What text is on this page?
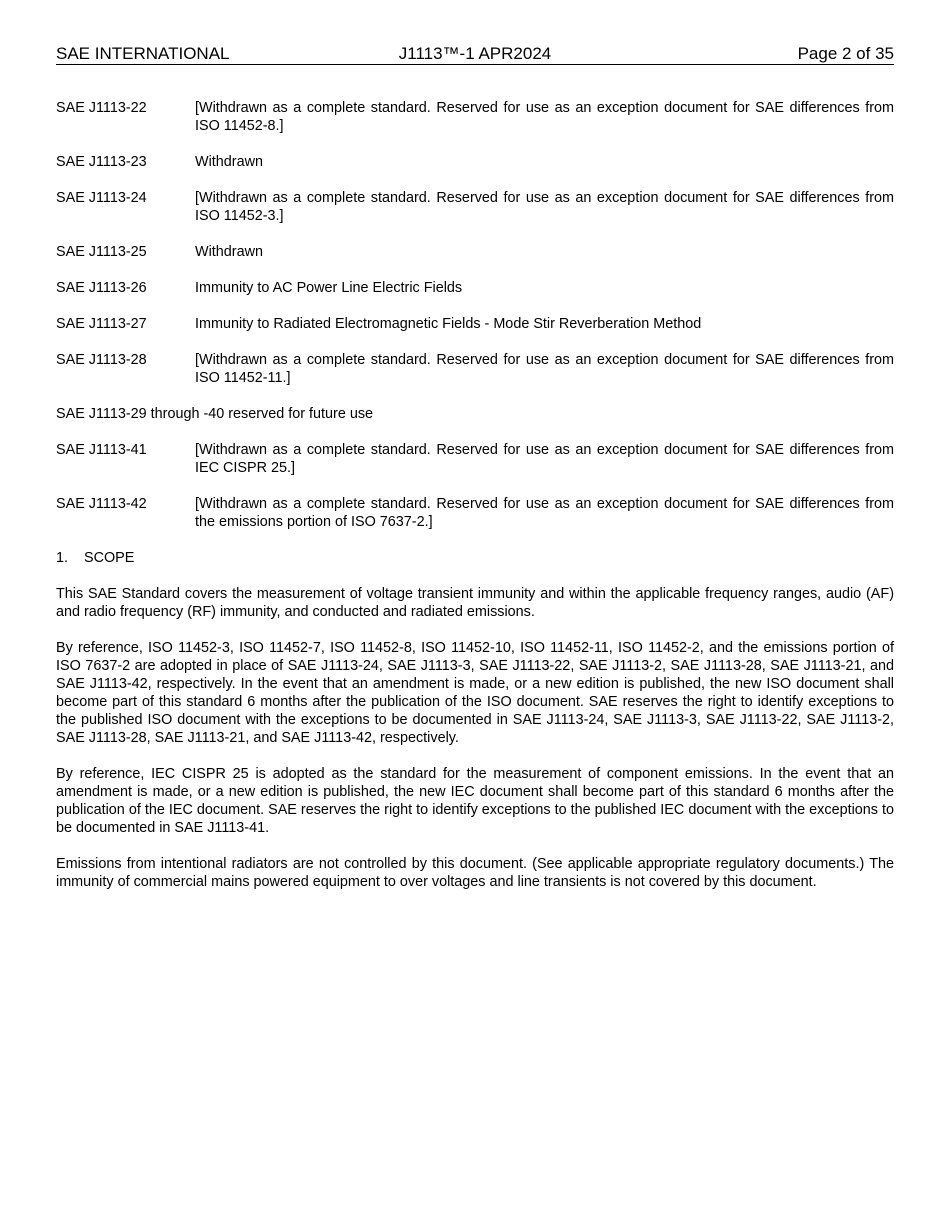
SAE INTERNATIONAL	J1113™-1 APR2024	Page 2 of 35
SAE J1113-22	[Withdrawn as a complete standard. Reserved for use as an exception document for SAE differences from ISO 11452-8.]
SAE J1113-23	Withdrawn
SAE J1113-24	[Withdrawn as a complete standard. Reserved for use as an exception document for SAE differences from ISO 11452-3.]
SAE J1113-25	Withdrawn
SAE J1113-26	Immunity to AC Power Line Electric Fields
SAE J1113-27	Immunity to Radiated Electromagnetic Fields - Mode Stir Reverberation Method
SAE J1113-28	[Withdrawn as a complete standard. Reserved for use as an exception document for SAE differences from ISO 11452-11.]
SAE J1113-29 through -40 reserved for future use
SAE J1113-41	[Withdrawn as a complete standard. Reserved for use as an exception document for SAE differences from IEC CISPR 25.]
SAE J1113-42	[Withdrawn as a complete standard. Reserved for use as an exception document for SAE differences from the emissions portion of ISO 7637-2.]
1. SCOPE

This SAE Standard covers the measurement of voltage transient immunity and within the applicable frequency ranges, audio (AF) and radio frequency (RF) immunity, and conducted and radiated emissions.

By reference, ISO 11452-3, ISO 11452-7, ISO 11452-8, ISO 11452-10, ISO 11452-11, ISO 11452-2, and the emissions portion of ISO 7637-2 are adopted in place of SAE J1113-24, SAE J1113-3, SAE J1113-22, SAE J1113-2, SAE J1113-28, SAE J1113-21, and SAE J1113-42, respectively. In the event that an amendment is made, or a new edition is published, the new ISO document shall become part of this standard 6 months after the publication of the ISO document. SAE reserves the right to identify exceptions to the published ISO document with the exceptions to be documented in SAE J1113-24, SAE J1113-3, SAE J1113-22, SAE J1113-2, SAE J1113-28, SAE J1113-21, and SAE J1113-42, respectively.

By reference, IEC CISPR 25 is adopted as the standard for the measurement of component emissions. In the event that an amendment is made, or a new edition is published, the new IEC document shall become part of this standard 6 months after the publication of the IEC document. SAE reserves the right to identify exceptions to the published IEC document with the exceptions to be documented in SAE J1113-41.

Emissions from intentional radiators are not controlled by this document. (See applicable appropriate regulatory documents.) The immunity of commercial mains powered equipment to over voltages and line transients is not covered by this document.
